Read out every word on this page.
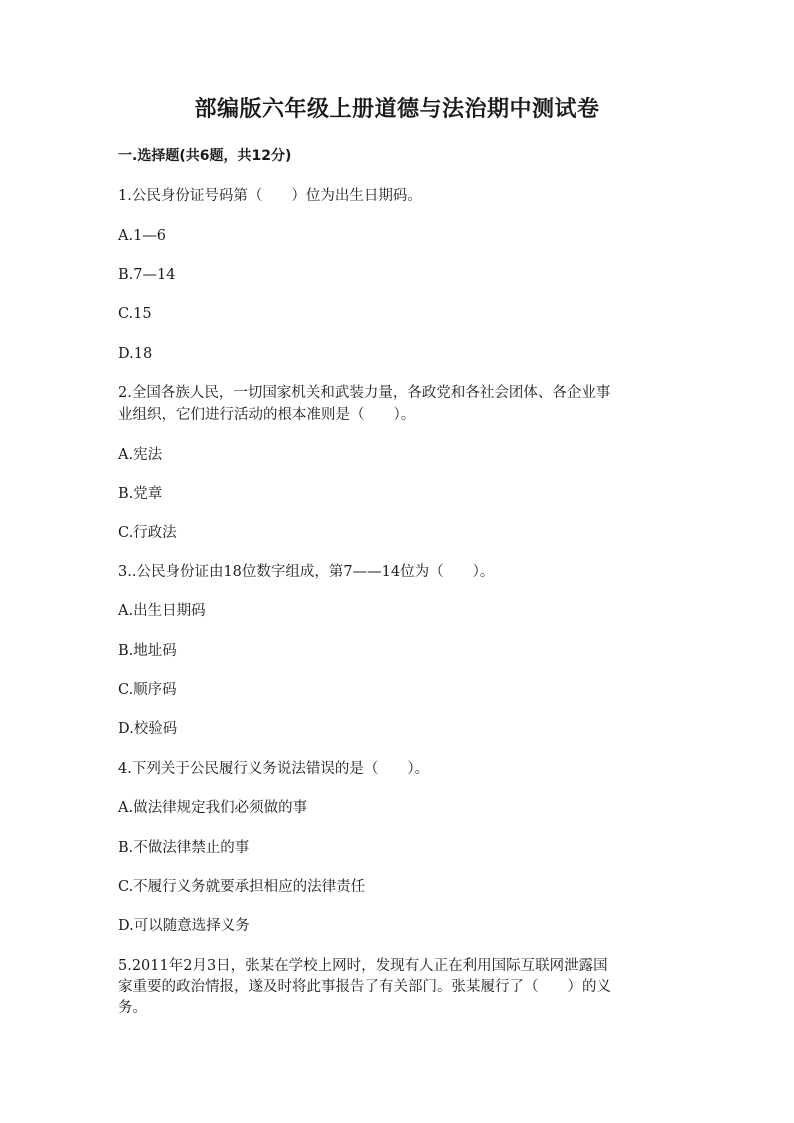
部编版六年级上册道德与法治期中测试卷
一.选择题(共6题，共12分)
1.公民身份证号码第（　　）位为出生日期码。
A.1—6
B.7—14
C.15
D.18
2.全国各族人民，一切国家机关和武装力量，各政党和各社会团体、各企业事
业组织，它们进行活动的根本准则是（　　）。
A.宪法
B.党章
C.行政法
3..公民身份证由18位数字组成，第7——14位为（　　）。
A.出生日期码
B.地址码
C.顺序码
D.校验码
4.下列关于公民履行义务说法错误的是（　　）。
A.做法律规定我们必须做的事
B.不做法律禁止的事
C.不履行义务就要承担相应的法律责任
D.可以随意选择义务
5.2011年2月3日，张某在学校上网时，发现有人正在利用国际互联网泄露国
家重要的政治情报，遂及时将此事报告了有关部门。张某履行了（　　）的义
务。
